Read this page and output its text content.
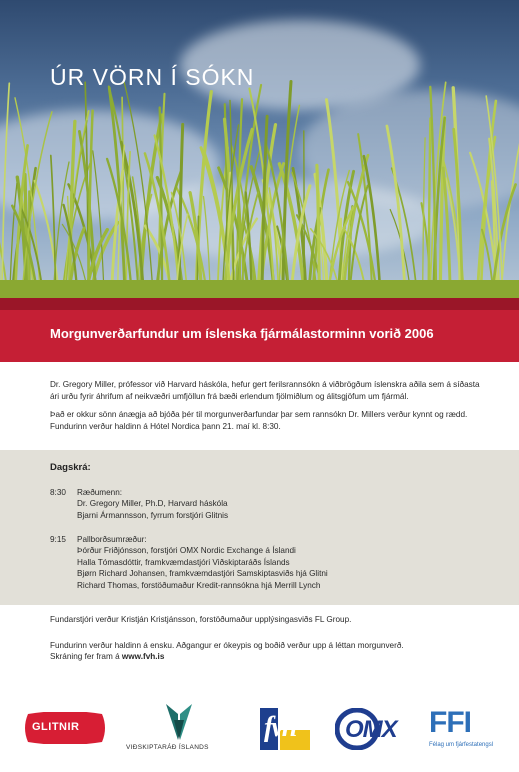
ÚR VÖRN Í SÓKN
Morgunverðarfundur um íslenska fjármálastorminn vorið 2006

Dr. Gregory Miller, prófessor við Harvard háskóla, hefur gert ferilsrannsókn á viðbrögðum íslenskra aðila sem á síðasta ári urðu fyrir áhrifum af neikvæðri umfjöllun frá bæði erlendum fjölmiðlum og álitsgjöfum um fjármál.

Það er okkur sönn ánægja að bjóða þér til morgunverðarfundar þar sem rannsókn Dr. Millers verður kynnt og rædd. Fundurinn verður haldinn á Hótel Nordica þann 21. maí kl. 8:30.

Dagskrá:
8:30	Ræðumenn:
Dr. Gregory Miller, Ph.D, Harvard háskóla
Bjarni Ármannsson, fyrrum forstjóri Glitnis
9:15	Pallborðsumræður:
Þórður Friðjónsson, forstjóri OMX Nordic Exchange á Íslandi
Halla Tómasdóttir, framkvæmdastjóri Viðskiptaráðs Íslands
Bjørn Richard Johansen, framkvæmdastjóri Samskiptasviðs hjá Glitni
Richard Thomas, forstöðumaður Kredit-rannsókna hjá Merrill Lynch
Fundarstjóri verður Kristján Kristjánsson, forstöðumaður upplýsingasviðs FL Group.
Fundurinn verður haldinn á ensku. Aðgangur er ókeypis og boðið verður upp á léttan morgunverð.
Skráning fer fram á www.fvh.is
GLITNIR
VIÐSKIPTARÁÐ ÍSLANDS
fvh OMX FFI
Félag um fjárfestatengsl
